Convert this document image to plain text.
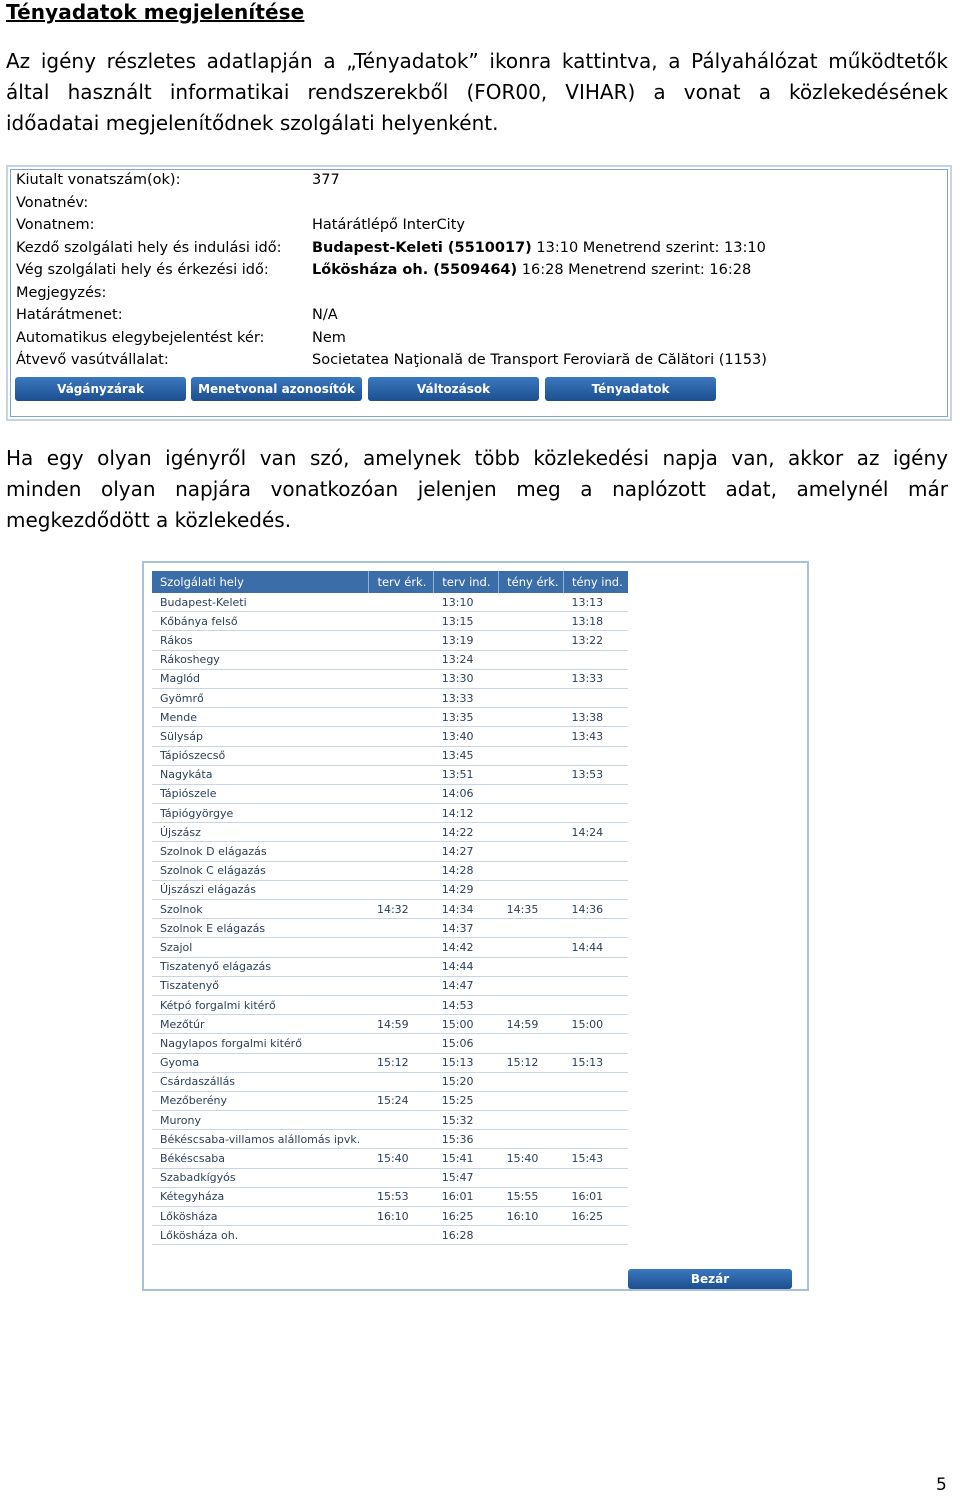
Tényadatok megjelenítése

Az igény részletes adatlapján a „Tényadatok” ikonra kattintva, a Pályahálózat működtetők

által használt informatikai rendszerekből (FOR00, VIHAR) a vonat a közlekedésének

időadatai megjelenítődnek szolgálati helyenként.

Kiutalt vonatszám(ok):	377
Vonatnév:
Vonatnem:	Határátlépő InterCity
Kezdő szolgálati hely és indulási idő: Budapest-Keleti (5510017) 13:10 Menetrend szerint: 13:10
Vég szolgálati hely és érkezési idő:	Lőkösháza oh. (5509464) 16:28 Menetrend szerint: 16:28
Megjegyzés:
Határátmenet:	N/A
Automatikus elegybejelentést kér:	Nem
Átvevő vasútvállalat:	Societatea Naţională de Transport Feroviară de Călători (1153)
Vágányzárak	Menetvonal azonosítók	Változások	Tényadatok

Ha egy olyan igényről van szó, amelynek több közlekedési napja van, akkor az igény

minden olyan napjára vonatkozóan jelenjen meg a naplózott adat, amelynél már

megkezdődött a közlekedés.

Szolgálati hely	terv érk.	terv ind.	tény érk.	tény ind.
Budapest-Keleti		13:10		13:13
Kőbánya felső		13:15		13:18
Rákos		13:19		13:22
Rákoshegy		13:24		
Maglód		13:30		13:33
Gyömrő		13:33		
Mende		13:35		13:38
Sülysáp		13:40		13:43
Tápiószecső		13:45		
Nagykáta		13:51		13:53
Tápiószele		14:06		
Tápiógyörgye		14:12		
Újszász		14:22		14:24
Szolnok D elágazás		14:27		
Szolnok C elágazás		14:28		
Újszászi elágazás		14:29		
Szolnok	14:32	14:34	14:35	14:36
Szolnok E elágazás		14:37		
Szajol		14:42		14:44
Tiszatenyő elágazás		14:44		
Tiszatenyő		14:47		
Kétpó forgalmi kitérő		14:53		
Mezőtúr	14:59	15:00	14:59	15:00
Nagylapos forgalmi kitérő		15:06		
Gyoma	15:12	15:13	15:12	15:13
Csárdaszállás		15:20		
Mezőberény	15:24	15:25		
Murony		15:32		
Békéscsaba-villamos alállomás ipvk.		15:36		
Békéscsaba	15:40	15:41	15:40	15:43
Szabadkígyós		15:47		
Kétegyháza	15:53	16:01	15:55	16:01
Lőkösháza	16:10	16:25	16:10	16:25
Lőkösháza oh.		16:28		
Bezár
5
